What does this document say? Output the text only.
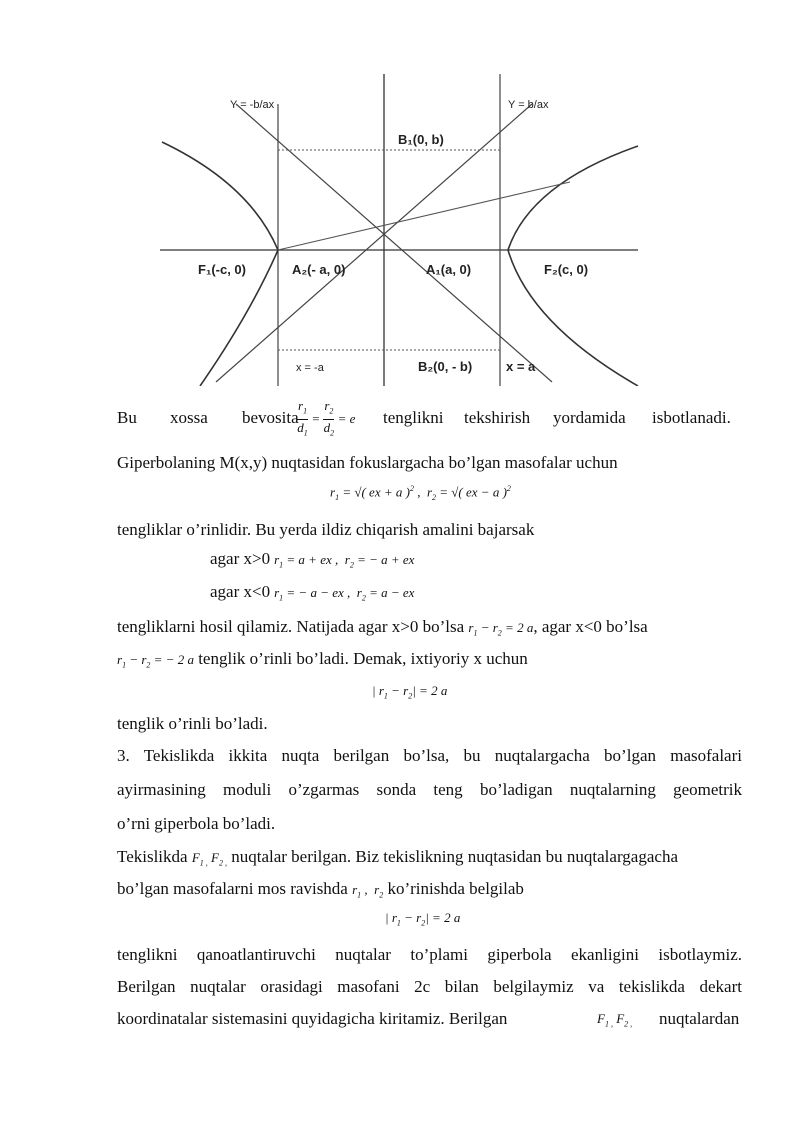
Y = -b/ax	Y = b/ax
B₁(0, b)
F₁(-c, 0)	A₂(- a, 0)	A₁(a, 0)	F₂(c, 0)
x = -a	B₂(0, - b)	x = a
Bu xossa bevosita
$\frac{r_1}{d_1} = \frac{r_2}{d_2} = e$ tenglikni tekshirish yordamida isbotlanadi.
Giperbolaning M(x,y) nuqtasidan fokuslargacha bo’lgan masofalar uchun
$r_1$ = √( ex + a )$^2$ ,  $r_2$ = √( ex − a )$^2$
tengliklar o’rinlidir. Bu yerda ildiz chiqarish amalini bajarsak
agar x>0 $r_1 = a$ + ex ,  $r_2$ = − a + ex
agar x<0 $r_1$ = − a − ex ,  $r_2 = a$ − ex
tengliklarni hosil qilamiz. Natijada agar x>0 bo’lsa $r_1 - r_2 = 2$ a, agar x<0 bo’lsa
$r_1 - r_2$ = − 2 a tenglik o’rinli bo’ladi. Demak, ixtiyoriy x uchun
| $r_1 - r_2| = 2$ a
tenglik o’rinli bo’ladi.
3. Tekislikda ikkita nuqta berilgan bo’lsa, bu nuqtalargacha bo’lgan masofalari
ayirmasining moduli o’zgarmas sonda teng bo’ladigan nuqtalarning geometrik
o’rni giperbola bo’ladi.
Tekislikda $F_{1 ,}$ $F_{2 ,}$ nuqtalar berilgan. Biz tekislikning nuqtasidan bu nuqtalargagacha
bo’lgan masofalarni mos ravishda $r_1$ ,  $r_2$ ko’rinishda belgilab
| $r_1 - r_2| = 2$ a
tenglikni qanoatlantiruvchi nuqtalar to’plami giperbola ekanligini isbotlaymiz.
Berilgan nuqtalar orasidagi masofani 2c bilan belgilaymiz va tekislikda dekart
koordinatalar sistemasini quyidagicha kiritamiz. Berilgan	$F_{1 ,}$ $F_{2 ,}$ nuqtalardan
